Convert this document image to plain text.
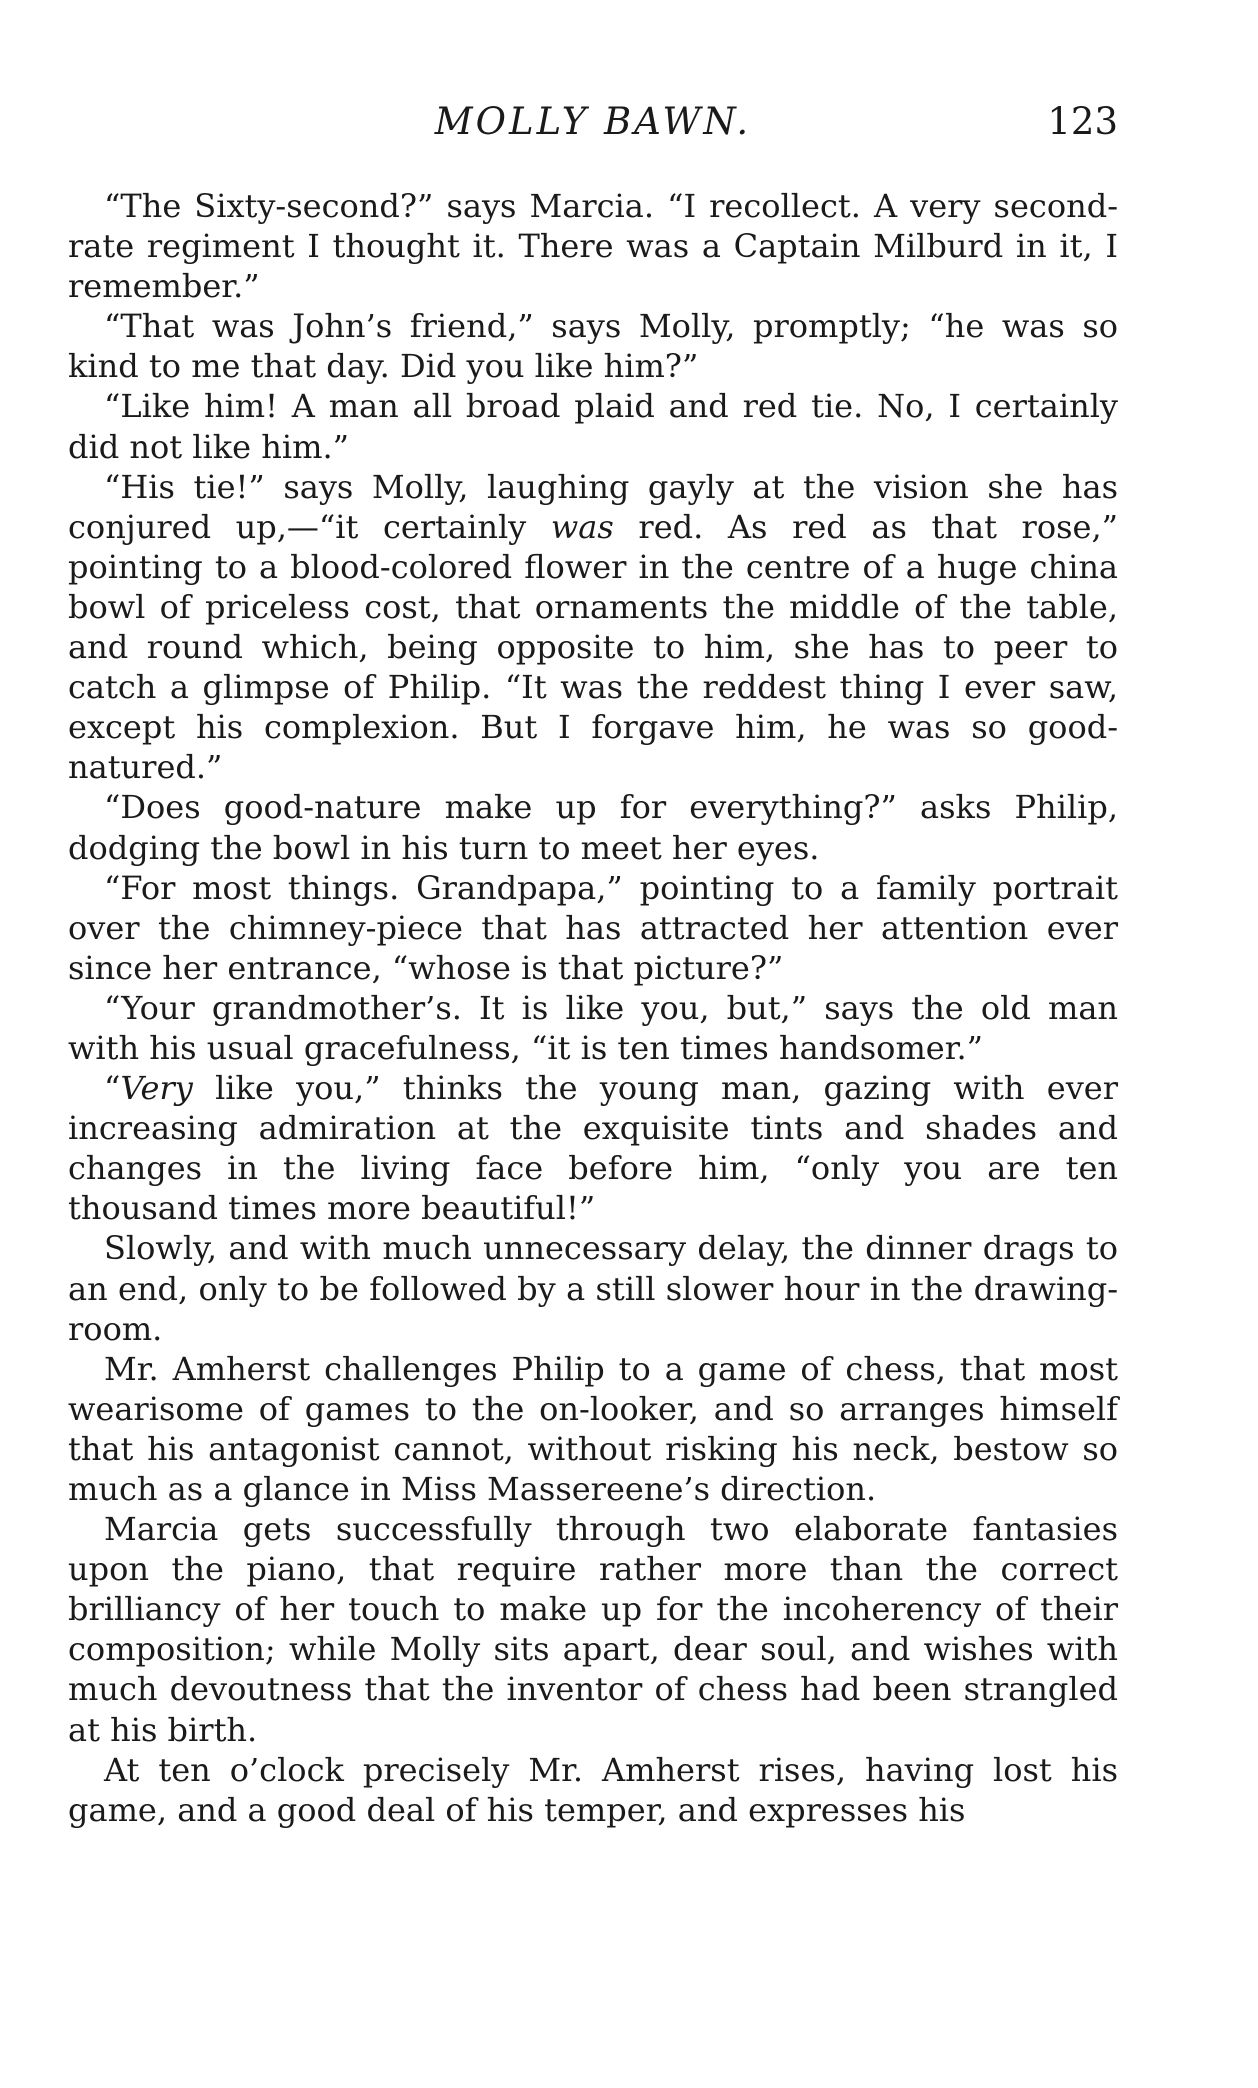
MOLLY BAWN.	123

“The Sixty-second?” says Marcia. “I recollect. A very second-rate regiment I thought it. There was a Captain Milburd in it, I remember.”

“That was John’s friend,” says Molly, promptly; “he was so kind to me that day. Did you like him?”

“Like him! A man all broad plaid and red tie. No, I certainly did not like him.”

“His tie!” says Molly, laughing gayly at the vision she has conjured up,—“it certainly was red. As red as that rose,” pointing to a blood-colored flower in the centre of a huge china bowl of priceless cost, that ornaments the middle of the table, and round which, being opposite to him, she has to peer to catch a glimpse of Philip. “It was the reddest thing I ever saw, except his complexion. But I forgave him, he was so good-natured.”

“Does good-nature make up for everything?” asks Philip, dodging the bowl in his turn to meet her eyes.

“For most things. Grandpapa,” pointing to a family portrait over the chimney-piece that has attracted her attention ever since her entrance, “whose is that picture?”

“Your grandmother’s. It is like you, but,” says the old man with his usual gracefulness, “it is ten times handsomer.”

“Very like you,” thinks the young man, gazing with ever increasing admiration at the exquisite tints and shades and changes in the living face before him, “only you are ten thousand times more beautiful!”

Slowly, and with much unnecessary delay, the dinner drags to an end, only to be followed by a still slower hour in the drawing-room.

Mr. Amherst challenges Philip to a game of chess, that most wearisome of games to the on-looker, and so arranges himself that his antagonist cannot, without risking his neck, bestow so much as a glance in Miss Massereene’s direction.

Marcia gets successfully through two elaborate fantasies upon the piano, that require rather more than the correct brilliancy of her touch to make up for the incoherency of their composition; while Molly sits apart, dear soul, and wishes with much devoutness that the inventor of chess had been strangled at his birth.

At ten o’clock precisely Mr. Amherst rises, having lost his game, and a good deal of his temper, and expresses his
